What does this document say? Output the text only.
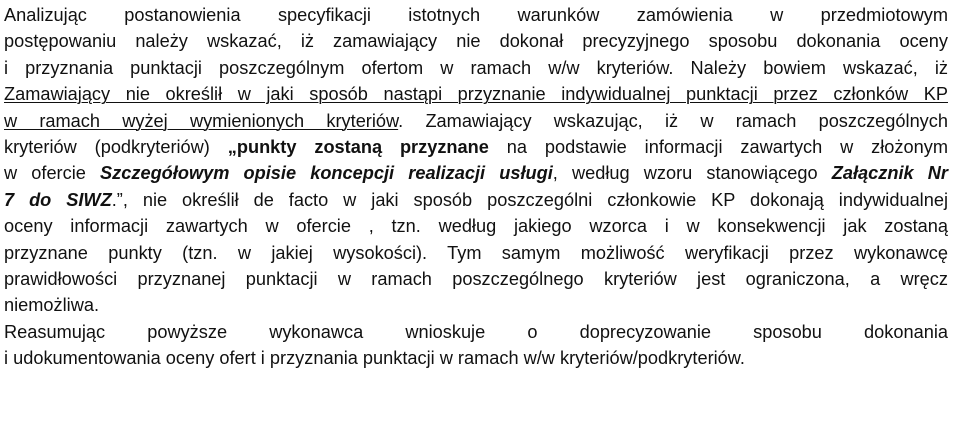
Analizując postanowienia specyfikacji istotnych warunków zamówienia w przedmiotowym
postępowaniu należy wskazać, iż zamawiający nie dokonał precyzyjnego sposobu dokonania oceny
i przyznania punktacji poszczególnym ofertom w ramach w/w kryteriów. Należy bowiem wskazać, iż
Zamawiający nie określił w jaki sposób nastąpi przyznanie indywidualnej punktacji przez członków KP
w ramach wyżej wymienionych kryteriów. Zamawiający wskazując, iż w ramach poszczególnych
kryteriów (podkryteriów) „punkty zostaną przyznane na podstawie informacji zawartych w złożonym
w ofercie Szczegółowym opisie koncepcji realizacji usługi, według wzoru stanowiącego Załącznik Nr
7 do SIWZ.”, nie określił de facto w jaki sposób poszczególni członkowie KP dokonają indywidualnej
oceny informacji zawartych w ofercie , tzn. według jakiego wzorca i w konsekwencji jak zostaną
przyznane punkty (tzn. w jakiej wysokości). Tym samym możliwość weryfikacji przez wykonawcę
prawidłowości przyznanej punktacji w ramach poszczególnego kryteriów jest ograniczona, a wręcz
niemożliwa.
Reasumując powyższe wykonawca wnioskuje o doprecyzowanie sposobu dokonania
i udokumentowania oceny ofert i przyznania punktacji w ramach w/w kryteriów/podkryteriów.
